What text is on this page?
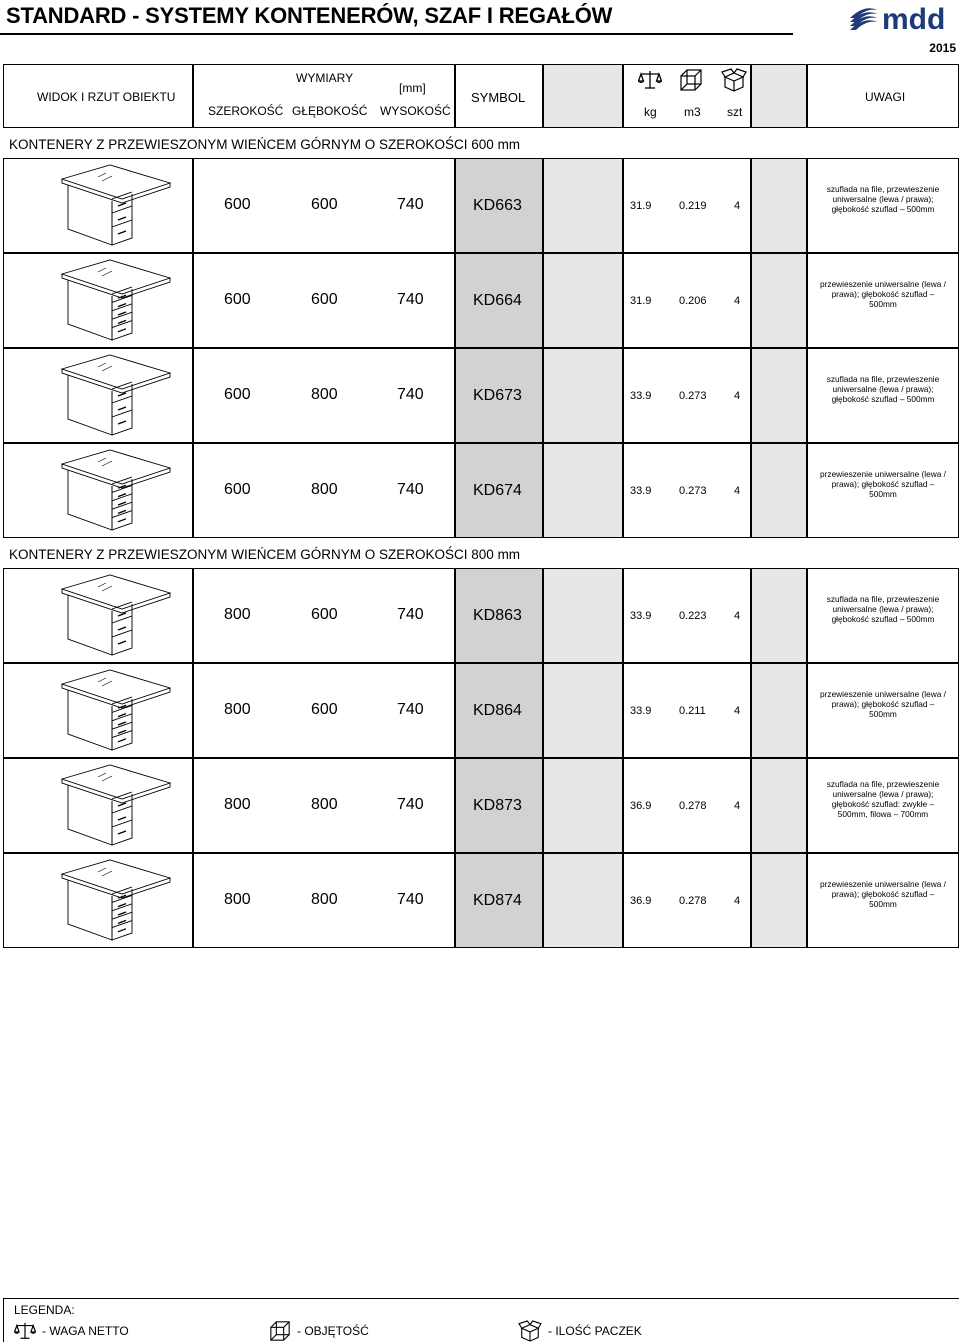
STANDARD - SYSTEMY KONTENERÓW, SZAF I REGAŁÓW	mdd
2015
WIDOK I RZUT OBIEKTU
WYMIARY
[mm]
SZEROKOŚĆ GŁĘBOKOŚĆ WYSOKOŚĆ
SYMBOL
kg m3 szt
UWAGI
KONTENERY Z PRZEWIESZONYM WIEŃCEM GÓRNYM O SZEROKOŚCI 600 mm
600	600	740	KD663	31.9	0.219 4
szuflada na file, przewieszenie
uniwersalne (lewa / prawa);
głębokość szuflad – 500mm
600	600	740	KD664	31.9	0.206 4
przewieszenie uniwersalne (lewa /
prawa); głębokość szuflad –
500mm
600	800	740	KD673	33.9	0.273 4
szuflada na file, przewieszenie
uniwersalne (lewa / prawa);
głębokość szuflad – 500mm
600	800	740	KD674	33.9	0.273 4
przewieszenie uniwersalne (lewa /
prawa); głębokość szuflad –
500mm
KONTENERY Z PRZEWIESZONYM WIEŃCEM GÓRNYM O SZEROKOŚCI 800 mm
800	600	740	KD863	33.9	0.223 4
szuflada na file, przewieszenie
uniwersalne (lewa / prawa);
głębokość szuflad – 500mm
800	600	740	KD864	33.9	0.211	4
przewieszenie uniwersalne (lewa /
prawa); głębokość szuflad –
500mm
800	800	740	KD873	36.9	0.278 4
szuflada na file, przewieszenie
uniwersalne (lewa / prawa);
głębokość szuflad: zwykłe –
500mm, filowa – 700mm
800	800	740	KD874	36.9	0.278 4
przewieszenie uniwersalne (lewa /
prawa); głębokość szuflad –
500mm
LEGENDA:
- WAGA NETTO	- OBJĘTOŚĆ	- ILOŚĆ PACZEK
